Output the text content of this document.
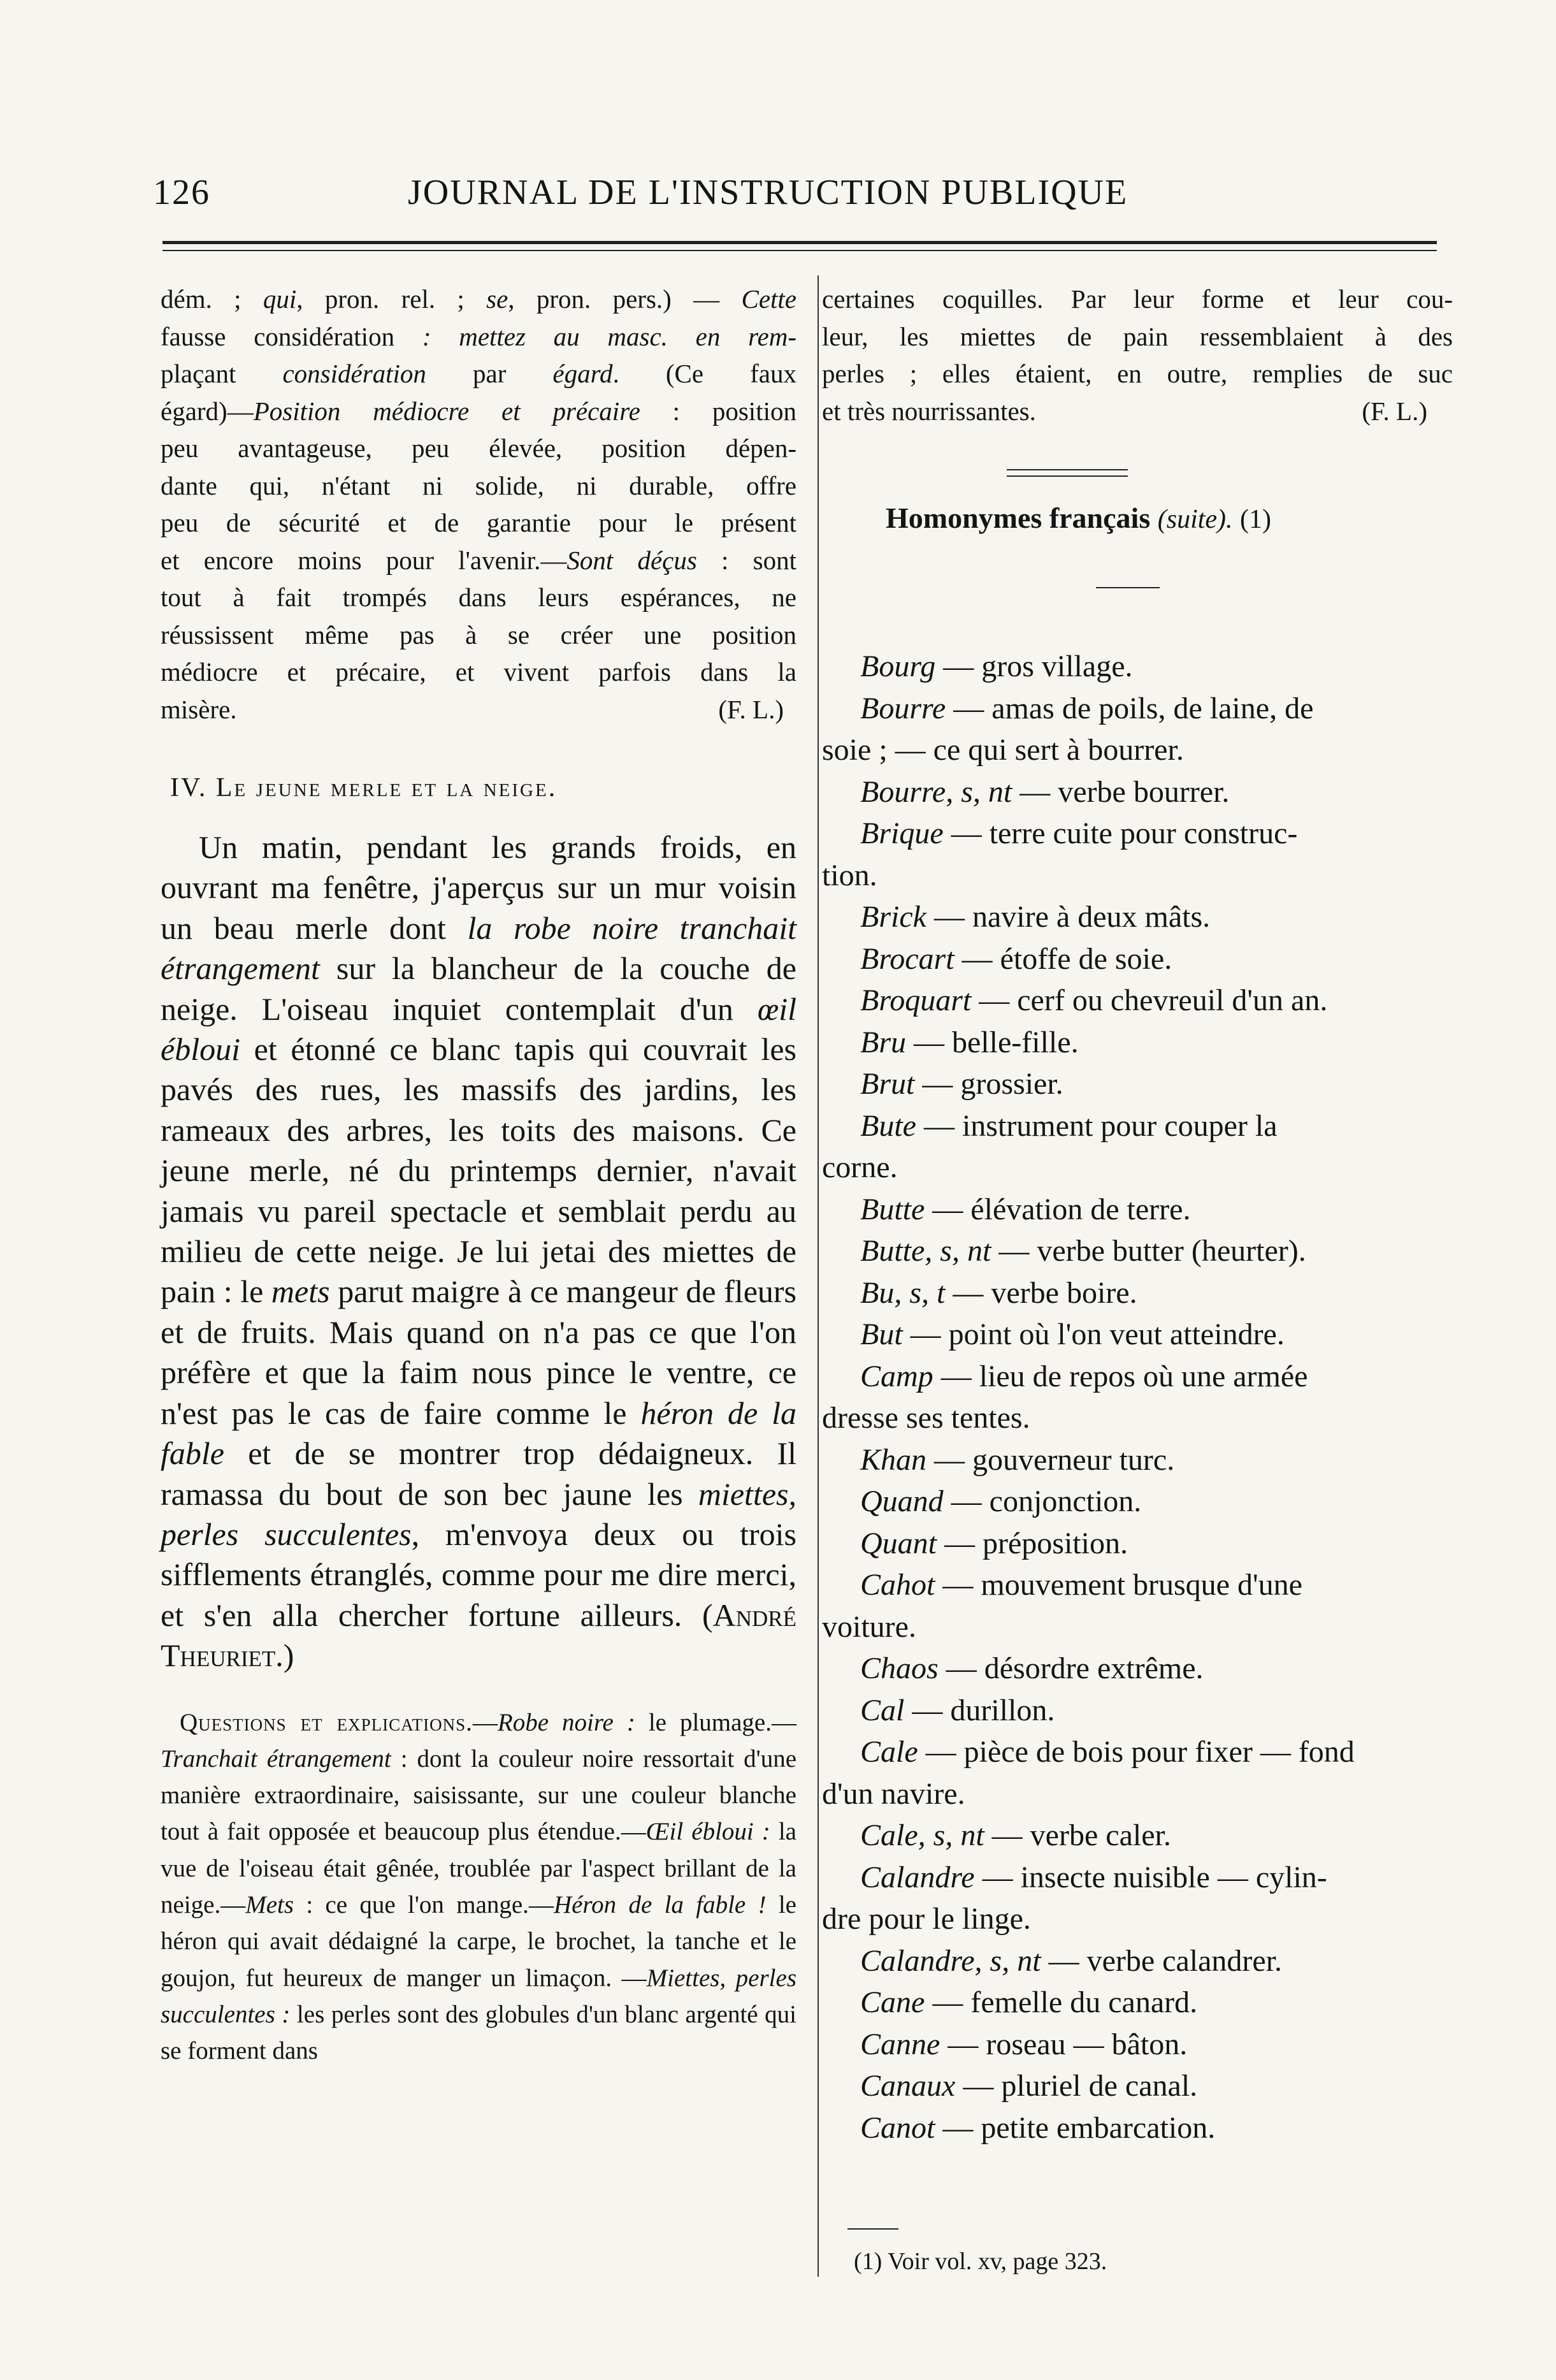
126	JOURNAL DE L'INSTRUCTION PUBLIQUE

dém. ; qui, pron. rel. ; se, pron. pers.) — Cette

fausse considération : mettez au masc. en rem-

plaçant considération par égard. (Ce faux

égard)—Position médiocre et précaire : position

peu avantageuse, peu élevée, position dépen-

dante qui, n'étant ni solide, ni durable, offre

peu de sécurité et de garantie pour le présent

et encore moins pour l'avenir.—Sont déçus : sont

tout à fait trompés dans leurs espérances, ne

réussissent même pas à se créer une position

médiocre et précaire, et vivent parfois dans la

misère.	(F. L.)

IV. Le jeune merle et la neige.

Un matin, pendant les grands froids, en ouvrant ma fenêtre, j'aperçus sur un mur voisin un beau merle dont la robe noire tranchait étrangement sur la blancheur de la couche de neige. L'oiseau inquiet contemplait d'un œil ébloui et étonné ce blanc tapis qui couvrait les pavés des rues, les massifs des jardins, les rameaux des arbres, les toits des maisons. Ce jeune merle, né du printemps dernier, n'avait jamais vu pareil spectacle et semblait perdu au milieu de cette neige. Je lui jetai des miettes de pain : le mets parut maigre à ce mangeur de fleurs et de fruits. Mais quand on n'a pas ce que l'on préfère et que la faim nous pince le ventre, ce n'est pas le cas de faire comme le héron de la fable et de se montrer trop dédaigneux. Il ramassa du bout de son bec jaune les miettes, perles succulentes, m'envoya deux ou trois sifflements étranglés, comme pour me dire merci, et s'en alla chercher fortune ailleurs. (André Theuriet.)

Questions et explications.—Robe noire : le plumage.—Tranchait étrangement : dont la couleur noire ressortait d'une manière extraordinaire, saisissante, sur une couleur blanche tout à fait opposée et beaucoup plus étendue.—Œil ébloui : la vue de l'oiseau était gênée, troublée par l'aspect brillant de la neige.—Mets : ce que l'on mange.—Héron de la fable ! le héron qui avait dédaigné la carpe, le brochet, la tanche et le goujon, fut heureux de manger un limaçon. —Miettes, perles succulentes : les perles sont des globules d'un blanc argenté qui se forment dans

certaines coquilles. Par leur forme et leur cou-

leur, les miettes de pain ressemblaient à des

perles ; elles étaient, en outre, remplies de suc

et très nourrissantes.	(F. L.)

Homonymes français (suite). (1)

Bourg — gros village.

Bourre — amas de poils, de laine, de

soie ; — ce qui sert à bourrer.

Bourre, s, nt — verbe bourrer.

Brique — terre cuite pour construc-

tion.

Brick — navire à deux mâts.

Brocart — étoffe de soie.

Broquart — cerf ou chevreuil d'un an.

Bru — belle-fille.

Brut — grossier.

Bute — instrument pour couper la

corne.

Butte — élévation de terre.

Butte, s, nt — verbe butter (heurter).

Bu, s, t — verbe boire.

But — point où l'on veut atteindre.

Camp — lieu de repos où une armée

dresse ses tentes.

Khan — gouverneur turc.

Quand — conjonction.

Quant — préposition.

Cahot — mouvement brusque d'une

voiture.

Chaos — désordre extrême.

Cal — durillon.

Cale — pièce de bois pour fixer — fond

d'un navire.

Cale, s, nt — verbe caler.

Calandre — insecte nuisible — cylin-

dre pour le linge.

Calandre, s, nt — verbe calandrer.

Cane — femelle du canard.

Canne — roseau — bâton.

Canaux — pluriel de canal.

Canot — petite embarcation.

(1) Voir vol. xv, page 323.
